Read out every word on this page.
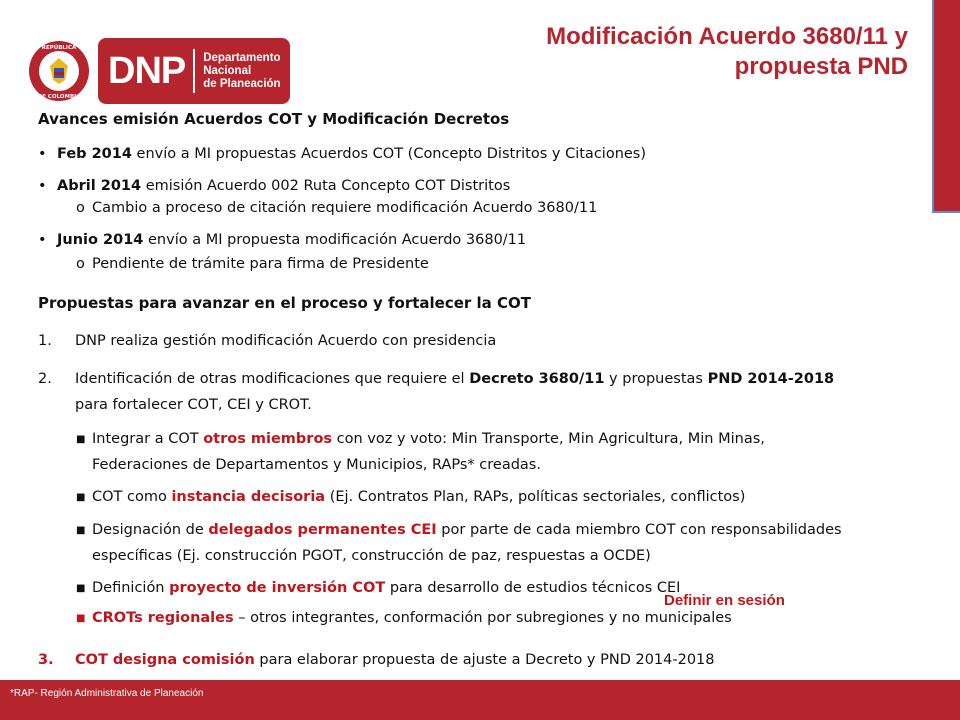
REPÚBLICA
DE COLOMBIA
DNP Departamento
Nacional
de Planeación
Modificación Acuerdo 3680/11 y
propuesta PND
Avances emisión Acuerdos COT y Modificación Decretos
• Feb 2014 envío a MI propuestas Acuerdos COT (Concepto Distritos y Citaciones)
• Abril 2014 emisión Acuerdo 002 Ruta Concepto COT Distritos
o Cambio a proceso de citación requiere modificación Acuerdo 3680/11
• Junio 2014 envío a MI propuesta modificación Acuerdo 3680/11
o Pendiente de trámite para firma de Presidente
Propuestas para avanzar en el proceso y fortalecer la COT
1. DNP realiza gestión modificación Acuerdo con presidencia
2. Identificación de otras modificaciones que requiere el Decreto 3680/11 y propuestas PND 2014-2018
para fortalecer COT, CEI y CROT.
■ Integrar a COT otros miembros con voz y voto: Min Transporte, Min Agricultura, Min Minas,
Federaciones de Departamentos y Municipios, RAPs* creadas.
■ COT como instancia decisoria (Ej. Contratos Plan, RAPs, políticas sectoriales, conflictos)
■ Designación de delegados permanentes CEI por parte de cada miembro COT con responsabilidades
específicas (Ej. construcción PGOT, construcción de paz, respuestas a OCDE)
■ Definición proyecto de inversión COT para desarrollo de estudios técnicos CEI
■ CROTs regionales – otros integrantes, conformación por subregiones y no municipales
3. COT designa comisión para elaborar propuesta de ajuste a Decreto y PND 2014-2018
Definir en sesión
*RAP- Región Administrativa de Planeación
